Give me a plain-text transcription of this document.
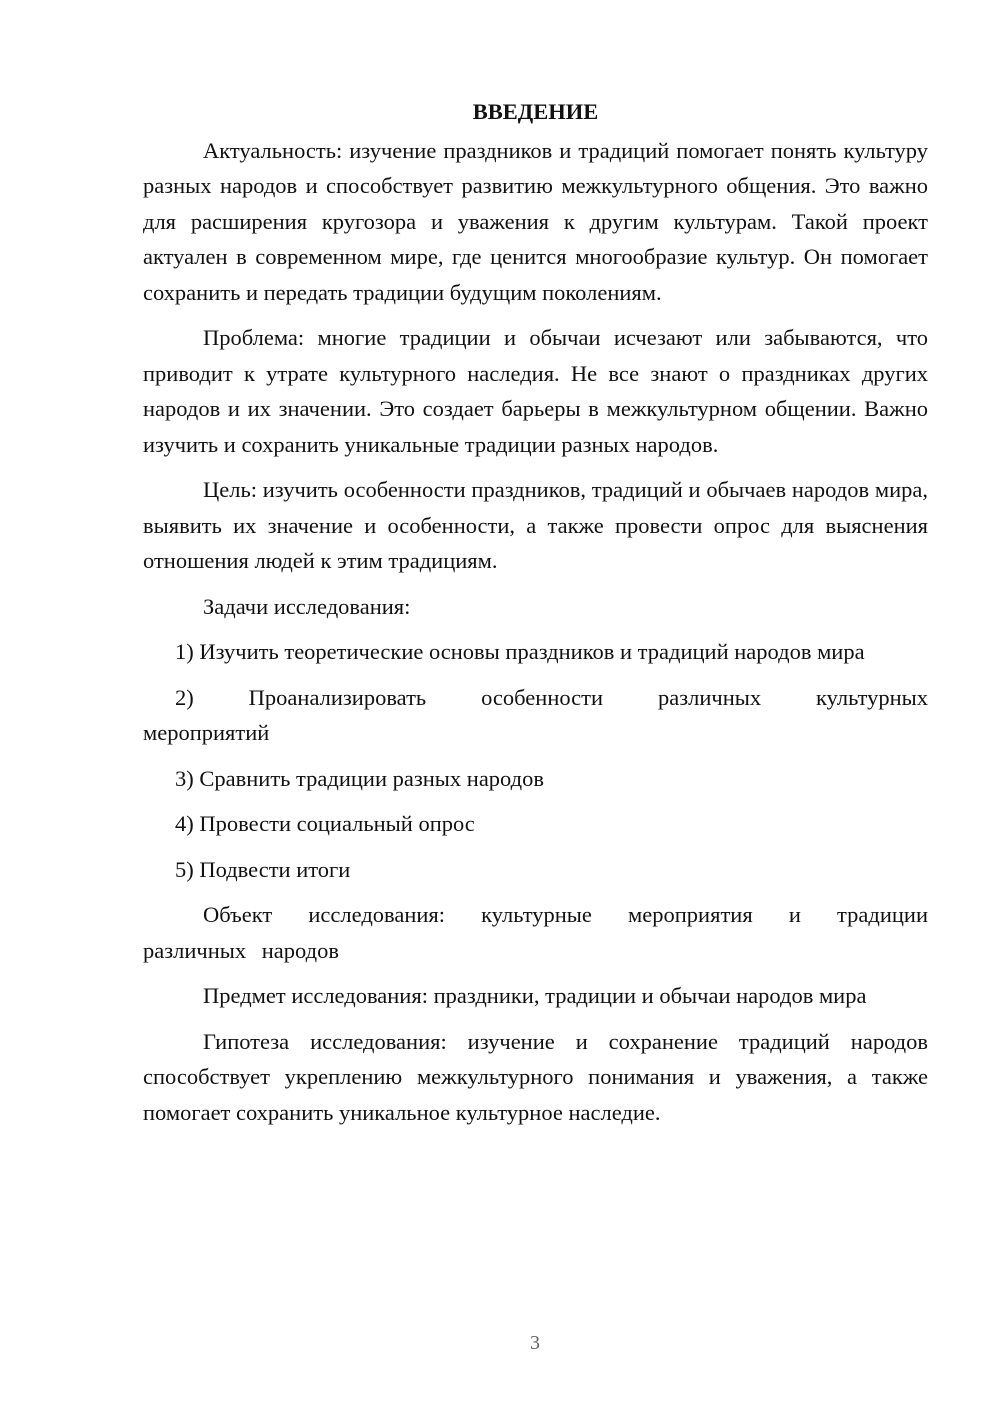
ВВЕДЕНИЕ

Актуальность: изучение праздников и традиций помогает понять культуру разных народов и способствует развитию межкультурного общения. Это важно для расширения кругозора и уважения к другим культурам. Такой проект актуален в современном мире, где ценится многообразие культур. Он помогает сохранить и передать традиции будущим поколениям.

Проблема: многие традиции и обычаи исчезают или забываются, что приводит к утрате культурного наследия. Не все знают о праздниках других народов и их значении. Это создает барьеры в межкультурном общении. Важно изучить и сохранить уникальные традиции разных народов.

Цель: изучить особенности праздников, традиций и обычаев народов мира, выявить их значение и особенности, а также провести опрос для выяснения отношения людей к этим традициям.

Задачи исследования:

1) Изучить теоретические основы праздников и традиций народов мира

2) Проанализировать особенности различных культурных мероприятий

3) Сравнить традиции разных народов

4) Провести социальный опрос

5) Подвести итоги

Объект исследования: культурные мероприятия и традиции различных народов

Предмет исследования: праздники, традиции и обычаи народов мира

Гипотеза исследования: изучение и сохранение традиций народов способствует укреплению межкультурного понимания и уважения, а также помогает сохранить уникальное культурное наследие.

3
